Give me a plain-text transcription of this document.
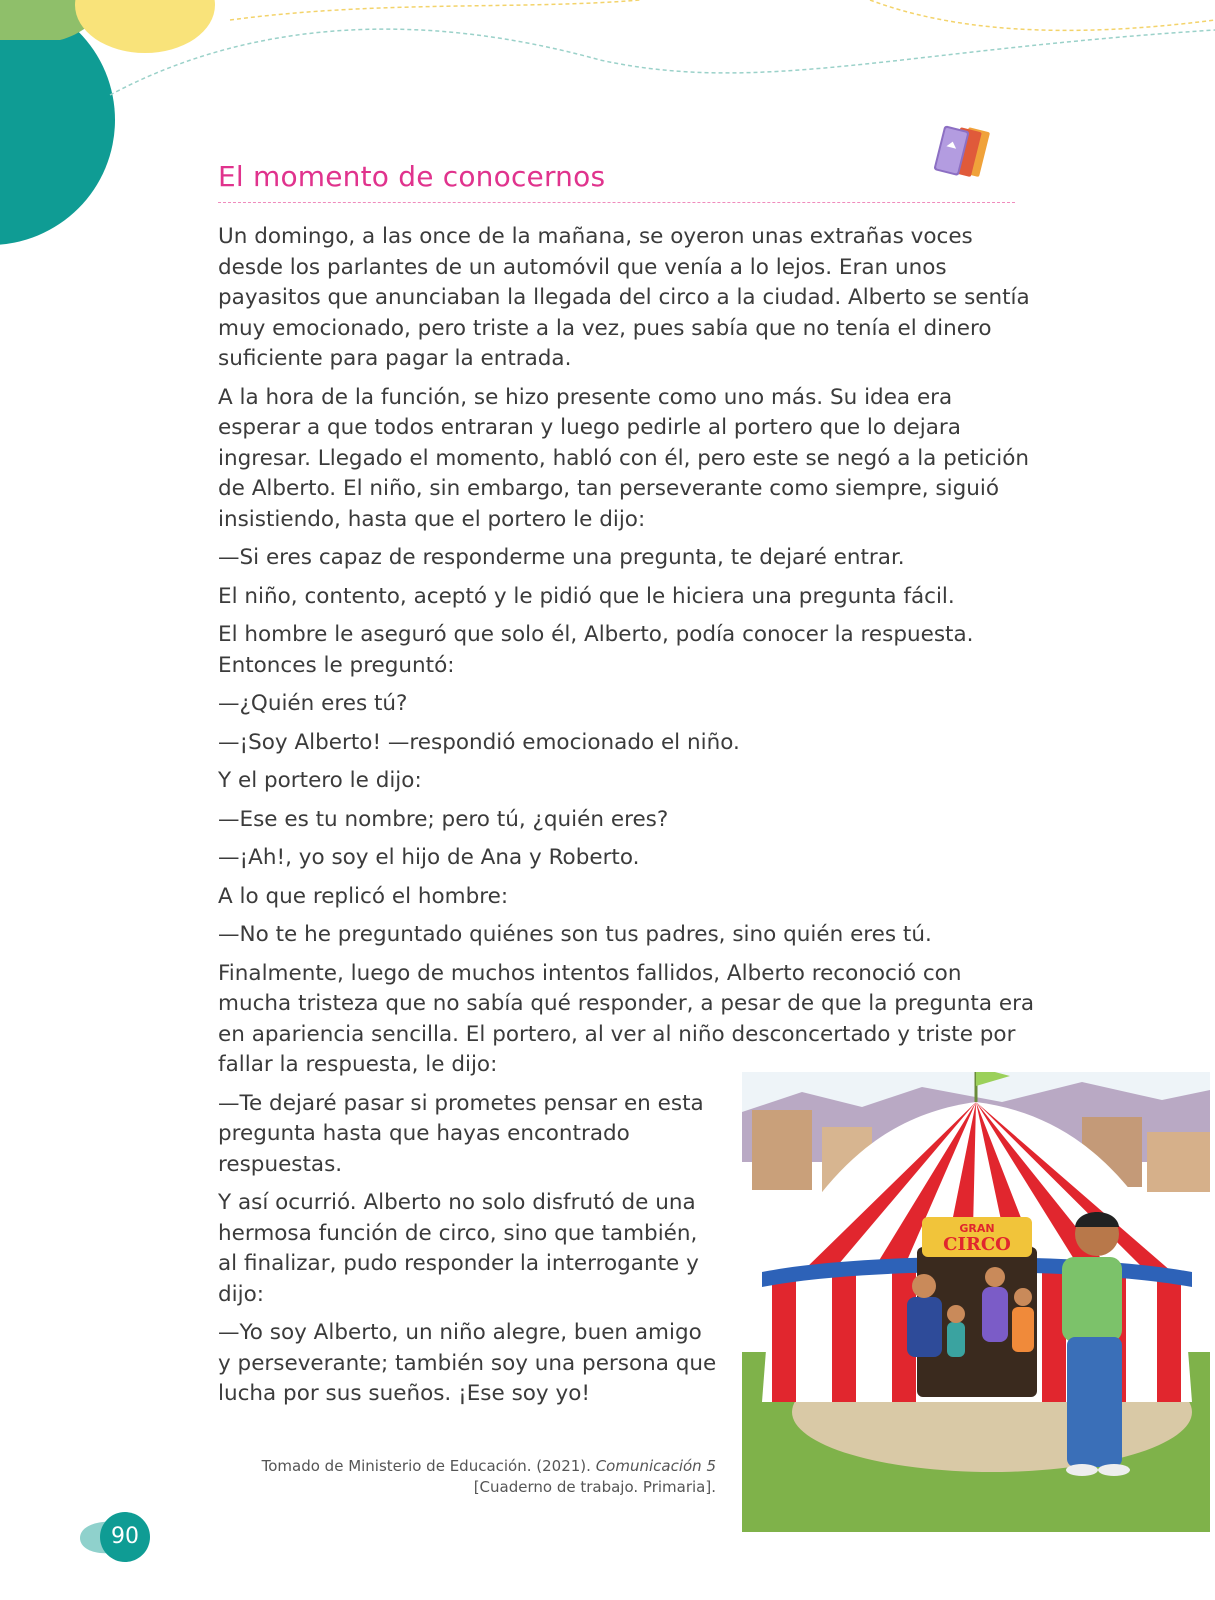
El momento de conocernos

Un domingo, a las once de la mañana, se oyeron unas extrañas voces desde los parlantes de un automóvil que venía a lo lejos. Eran unos payasitos que anunciaban la llegada del circo a la ciudad. Alberto se sentía muy emocionado, pero triste a la vez, pues sabía que no tenía el dinero suficiente para pagar la entrada.

A la hora de la función, se hizo presente como uno más. Su idea era esperar a que todos entraran y luego pedirle al portero que lo dejara ingresar. Llegado el momento, habló con él, pero este se negó a la petición de Alberto. El niño, sin embargo, tan perseverante como siempre, siguió insistiendo, hasta que el portero le dijo:

—Si eres capaz de responderme una pregunta, te dejaré entrar.

El niño, contento, aceptó y le pidió que le hiciera una pregunta fácil.

El hombre le aseguró que solo él, Alberto, podía conocer la respuesta. Entonces le preguntó:

—¿Quién eres tú?

—¡Soy Alberto! —respondió emocionado el niño.

Y el portero le dijo:

—Ese es tu nombre; pero tú, ¿quién eres?

—¡Ah!, yo soy el hijo de Ana y Roberto.

A lo que replicó el hombre:

—No te he preguntado quiénes son tus padres, sino quién eres tú.

Finalmente, luego de muchos intentos fallidos, Alberto reconoció con mucha tristeza que no sabía qué responder, a pesar de que la pregunta era en apariencia sencilla. El portero, al ver al niño desconcertado y triste por fallar la respuesta, le dijo:

—Te dejaré pasar si prometes pensar en esta pregunta hasta que hayas encontrado respuestas.

Y así ocurrió. Alberto no solo disfrutó de una hermosa función de circo, sino que también, al finalizar, pudo responder la interrogante y dijo:

—Yo soy Alberto, un niño alegre, buen amigo y perseverante; también soy una persona que lucha por sus sueños. ¡Ese soy yo!

GRAN
CIRCO
Tomado de Ministerio de Educación. (2021). Comunicación 5
[Cuaderno de trabajo. Primaria].
90
